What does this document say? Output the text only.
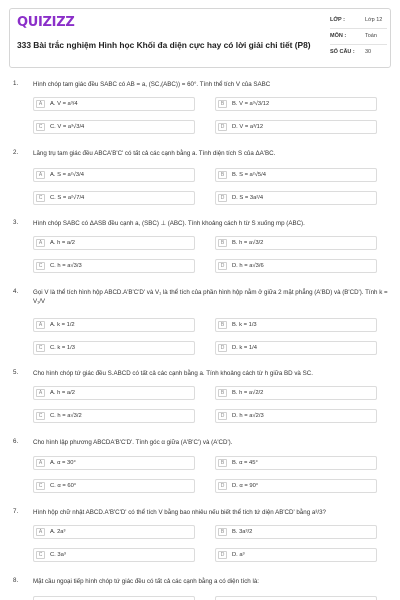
QUIZIZZ
333 Bài trắc nghiệm Hình học Khối đa diện cực hay có lời giải chi tiết (P8)
LỚP :	Lớp 12
MÔN :	Toán
SỐ CÂU : 30
1. Hình chóp tam giác đều SABC có AB = a, (SC,(ABC)) = 60°. Tính thể tích V của SABC
A	A. V = a³/4	B	B. V = a³√3/12
C	C. V = a³√3/4	D	D. V = a³/12
2. Lăng trụ tam giác đều ABCA'B'C' có tất cả các cạnh bằng a. Tính diện tích S của ΔA'BC.
A	A. S = a²√3/4	B	B. S = a²√5/4
C	C. S = a²√7/4	D	D. S = 3a²/4
3. Hình chóp SABC có ΔASB đều cạnh a, (SBC) ⊥ (ABC). Tính khoảng cách h từ S xuống mp (ABC).
A	A. h = a/2	B	B. h = a√3/2
C	C. h = a√3/3	D	D. h = a√3/6
4. Gọi V là thể tích hình hộp ABCD.A'B'C'D' và V₁ là thể tích của phần hình hộp nằm ở giữa 2 mặt phẳng (A'BD) và (B'CD'). Tính k = V₁/V
A	A. k = 1/2	B	B. k = 1/3
C	C. k = 1/3	D	D. k = 1/4
5. Cho hình chóp tứ giác đều S.ABCD có tất cả các cạnh bằng a. Tính khoảng cách từ h giữa BD và SC.
A	A. h = a/2	B	B. h = a√2/2
C	C. h = a√3/2	D	D. h = a√2/3
6. Cho hình lập phương ABCDA'B'C'D'. Tính góc α giữa (A'B'C') và (A'CD').
A	A. α = 30°	B	B. α = 45°
C	C. α = 60°	D	D. α = 90°
7. Hình hộp chữ nhật ABCD.A'B'C'D' có thể tích V bằng bao nhiêu nếu biết thể tích tứ diện AB'CD' bằng a³/3?
A	A. 2a³	B	B. 3a³/2
C	C. 3a³	D	D. a³
8. Mặt cầu ngoại tiếp hình chóp tứ giác đều có tất cả các cạnh bằng a có diện tích là:
